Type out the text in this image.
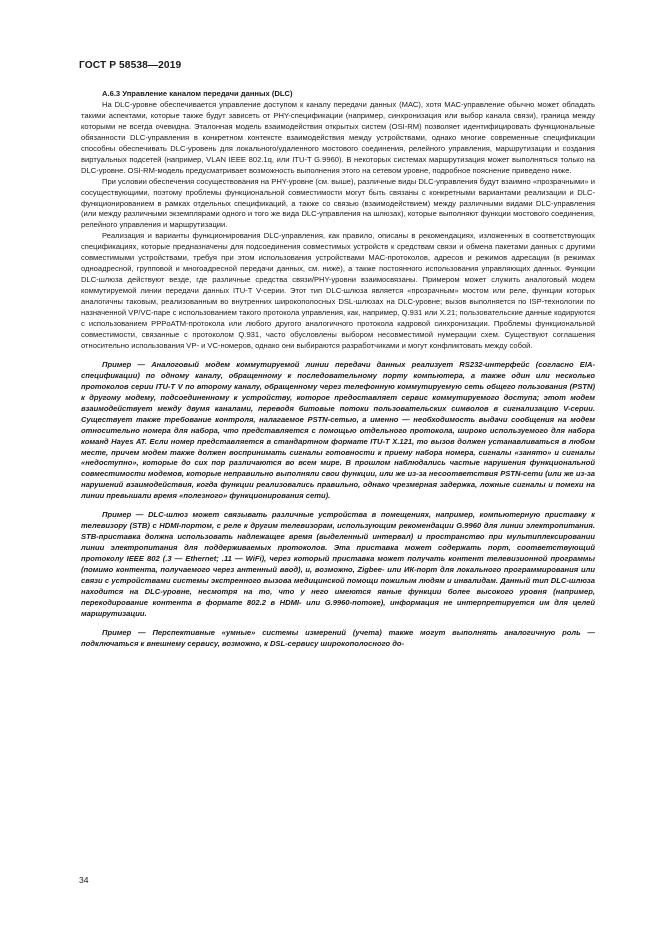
ГОСТ Р 58538—2019

А.6.3 Управление каналом передачи данных (DLC)

На DLC-уровне обеспечивается управление доступом к каналу передачи данных (МАС), хотя МАС-управление обычно может обладать такими аспектами, которые также будут зависеть от PHY-спецификации (например, синхронизация или выбор канала связи), граница между которыми не всегда очевидна. Эталонная модель взаимодействия открытых систем (OSI-RM) позволяет идентифицировать функциональные обязанности DLC-управления в конкретном контексте взаимодействия между устройствами, однако многие современные спецификации способны обеспечивать DLC-уровень для локального/удаленного мостового соединения, релейного управления, маршрутизации и создания виртуальных подсетей (например, VLAN IEEE 802.1q, или ITU-T G.9960). В некоторых системах маршрутизация может выполняться только на DLC-уровне. OSI-RM-модель предусматривает возможность выполнения этого на сетевом уровне, подробное пояснение приведено ниже.

При условии обеспечения сосуществования на PHY-уровне (см. выше), различные виды DLC-управления будут взаимно «прозрачными» и сосуществующими, поэтому проблемы функциональной совместимости могут быть связаны с конкретными вариантами реализации и DLC-функционированием в рамках отдельных спецификаций, а также со связью (взаимодействием) между различными видами DLC-управления (или между различными экземплярами одного и того же вида DLC-управления на шлюзах), которые выполняют функции мостового соединения, релейного управления и маршрутизации.

Реализация и варианты функционирования DLC-управления, как правило, описаны в рекомендациях, изложенных в соответствующих спецификациях, которые предназначены для подсоединения совместимых устройств к средствам связи и обмена пакетами данных с другими совместимыми устройствами, требуя при этом использования устройствами МАС-протоколов, адресов и режимов адресации (в режимах одноадресной, групповой и многоадресной передачи данных, см. ниже), а также постоянного использования управляющих данных. Функции DLC-шлюза действуют везде, где различные средства связи/PHY-уровни взаимосвязаны. Примером может служить аналоговый модем коммутируемой линии передачи данных ITU-T V-серии. Этот тип DLC-шлюза является «прозрачным» мостом или реле, функции которых аналогичны таковым, реализованным во внутренних широкополосных DSL-шлюзах на DLC-уровне; вызов выполняется по ISP-технологии по назначенной VP/VC-паре с использованием такого протокола управления, как, например, Q.931 или X.21; пользовательские данные кодируются с использованием PPPoATM-протокола или любого другого аналогичного протокола кадровой синхронизации. Проблемы функциональной совместимости, связанные с протоколом Q.931, часто обусловлены выбором несовместимой нумерации схем. Существуют соглашения относительно использования VP- и VC-номеров, однако они выбираются разработчиками и могут конфликтовать между собой.

Пример — Аналоговый модем коммутируемой линии передачи данных реализует RS232-интерфейс (согласно EIA-спецификации) по одному каналу, обращенному к последовательному порту компьютера, а также один или несколько протоколов серии ITU-T V по второму каналу, обращенному через телефонную коммутируемую сеть общего пользования (PSTN) к другому модему, подсоединенному к устройству, которое предоставляет сервис коммутируемого доступа; этот модем взаимодействует между двумя каналами, переводя битовые потоки пользовательских символов в сигнализацию V-серии. Существует также требование контроля, налагаемое PSTN-сетью, а именно — необходимость выдачи сообщения на модем относительно номера для набора, что представляется с помощью отдельного протокола, широко используемого для набора команд Hayes AT. Если номер представляется в стандартном формате ITU-T X.121, то вызов должен устанавливаться в любом месте, причем модем также должен воспринимать сигналы готовности к приему набора номера, сигналы «занято» и сигналы «недоступно», которые до сих пор различаются во всем мире. В прошлом наблюдались частые нарушения функциональной совместимости модемов, которые неправильно выполняли свои функции, или же из-за несоответствия PSTN-сети (или же из-за нарушений взаимодействия, когда функции реализовались правильно, однако чрезмерная задержка, ложные сигналы и помехи на линии превышали время «полезного» функционирования сети).

Пример — DLC-шлюз может связывать различные устройства в помещениях, например, компьютерную приставку к телевизору (STB) с HDMI-портом, с реле к другим телевизорам, использующим рекомендации G.9960 для линии электропитания. STB-приставка должна использовать надлежащее время (выделенный интервал) и пространство при мультиплексировании линии электропитания для поддерживаемых протоколов. Эта приставка может содержать порт, соответствующий протоколу IEEE 802 (.3 — Ethernet; .11 — WiFi), через который приставка может получать контент телевизионной программы (помимо контента, получаемого через антенный ввод), и, возможно, Zigbee- или ИК-порт для локального программирования или связи с устройствами системы экстренного вызова медицинской помощи пожилым людям и инвалидам. Данный тип DLC-шлюза находится на DLC-уровне, несмотря на то, что у него имеются явные функции более высокого уровня (например, перекодирование контента в формате 802.2 в HDMI- или G.9960-потоке), информация не интерпретируется им для целей маршрутизации.

Пример — Перспективные «умные» системы измерений (учета) также могут выполнять аналогичную роль — подключаться к внешнему сервису, возможно, к DSL-сервису широкополосного до-

34
